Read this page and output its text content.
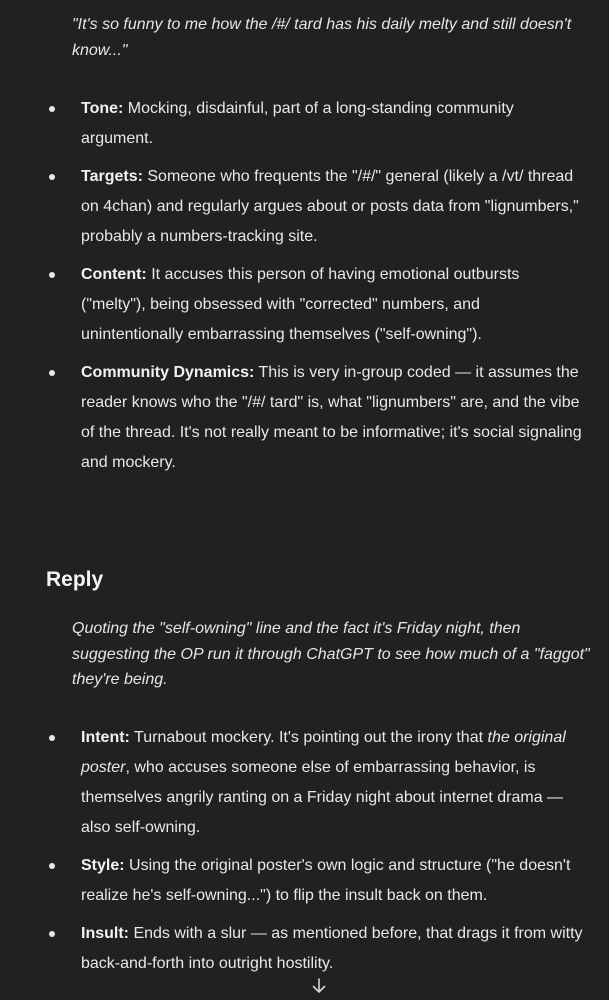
"It's so funny to me how the /#/ tard has his daily melty and still doesn't know..."
Tone: Mocking, disdainful, part of a long-standing community argument.
Targets: Someone who frequents the "/#/" general (likely a /vt/ thread on 4chan) and regularly argues about or posts data from "lignumbers," probably a numbers-tracking site.
Content: It accuses this person of having emotional outbursts ("melty"), being obsessed with "corrected" numbers, and unintentionally embarrassing themselves ("self-owning").
Community Dynamics: This is very in-group coded — it assumes the reader knows who the "/#/ tard" is, what "lignumbers" are, and the vibe of the thread. It's not really meant to be informative; it's social signaling and mockery.
Reply
Quoting the "self-owning" line and the fact it's Friday night, then suggesting the OP run it through ChatGPT to see how much of a "faggot" they're being.
Intent: Turnabout mockery. It's pointing out the irony that the original poster, who accuses someone else of embarrassing behavior, is themselves angrily ranting on a Friday night about internet drama — also self-owning.
Style: Using the original poster's own logic and structure ("he doesn't realize he's self-owning...") to flip the insult back on them.
Insult: Ends with a slur — as mentioned before, that drags it from witty back-and-forth into outright hostility.
